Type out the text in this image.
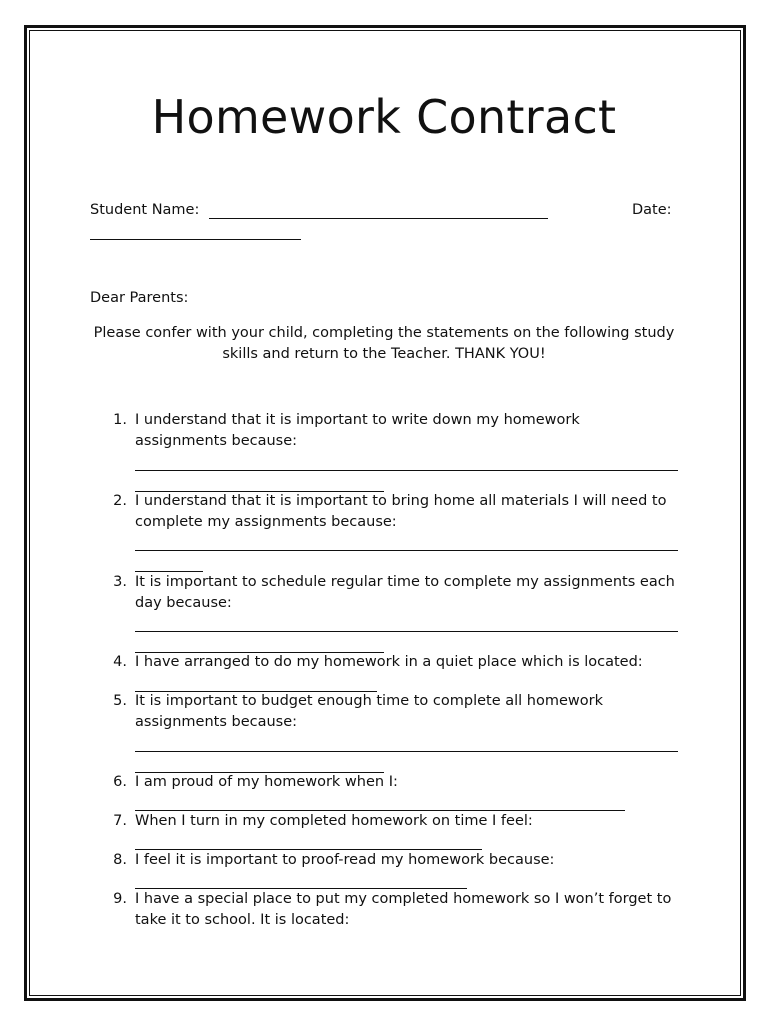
Homework Contract
Student Name:	Date:
Dear Parents:
Please confer with your child, completing the statements on the following study skills and return to the Teacher. THANK YOU!
1. I understand that it is important to write down my homework assignments because:
2. I understand that it is important to bring home all materials I will need to complete my assignments because:
3. It is important to schedule regular time to complete my assignments each day because:
4. I have arranged to do my homework in a quiet place which is located:
5. It is important to budget enough time to complete all homework assignments because:
6. I am proud of my homework when I:
7. When I turn in my completed homework on time I feel:
8. I feel it is important to proof-read my homework because:
9. I have a special place to put my completed homework so I won’t forget to take it to school. It is located:
